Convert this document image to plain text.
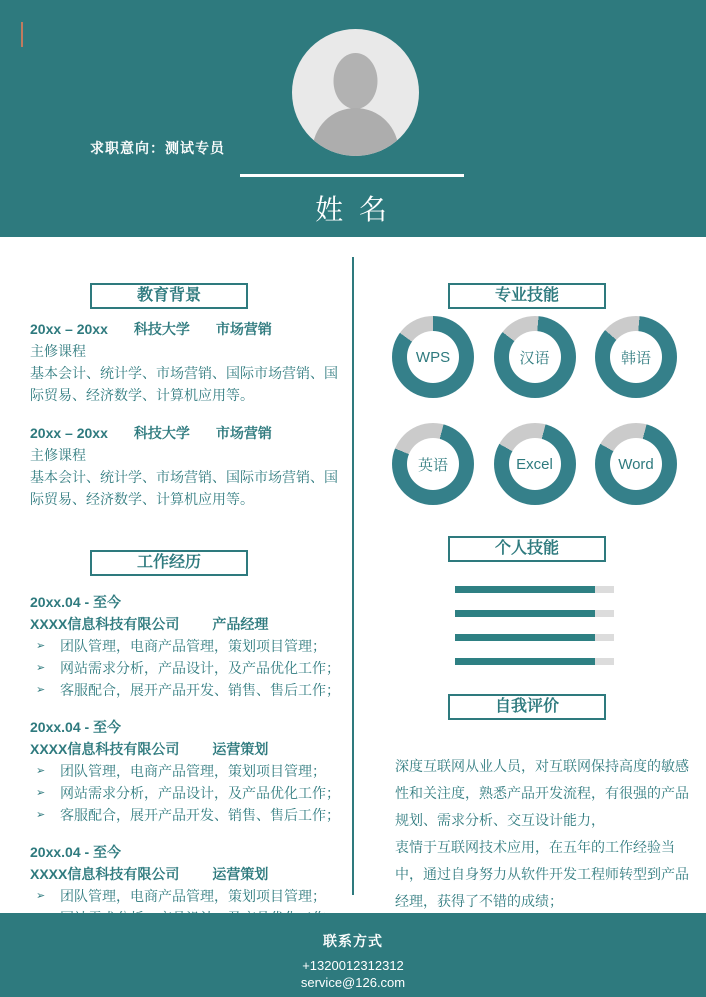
求职意向：测试专员
姓 名
教育背景
20xx – 20xx 科技大学 市场营销
主修课程

基本会计、统计学、市场营销、国际市场营销、国际贸易、经济数学、计算机应用等。

20xx – 20xx 科技大学 市场营销
主修课程

基本会计、统计学、市场营销、国际市场营销、国际贸易、经济数学、计算机应用等。

工作经历
20xx.04 - 至今
XXXX信息科技有限公司 产品经理
➢	团队管理，电商产品管理，策划项目管理；
➢	网站需求分析，产品设计，及产品优化工作；
➢	客服配合，展开产品开发、销售、售后工作；
20xx.04 - 至今
XXXX信息科技有限公司 运营策划
➢	团队管理，电商产品管理，策划项目管理；
➢	网站需求分析，产品设计，及产品优化工作；
➢	客服配合，展开产品开发、销售、售后工作；
20xx.04 - 至今
XXXX信息科技有限公司 运营策划
➢	团队管理，电商产品管理，策划项目管理；
专业技能
WPS	汉语	韩语
英语	Excel	Word
个人技能
自我评价

深度互联网从业人员，对互联网保持高度的敏感性和关注度，熟悉产品开发流程，有很强的产品规划、需求分析、交互设计能力，

衷情于互联网技术应用，在五年的工作经验当中，通过自身努力从软件开发工程师转型到产品经理，获得了不错的成绩；

联系方式
+1320012312312
service@126.com
